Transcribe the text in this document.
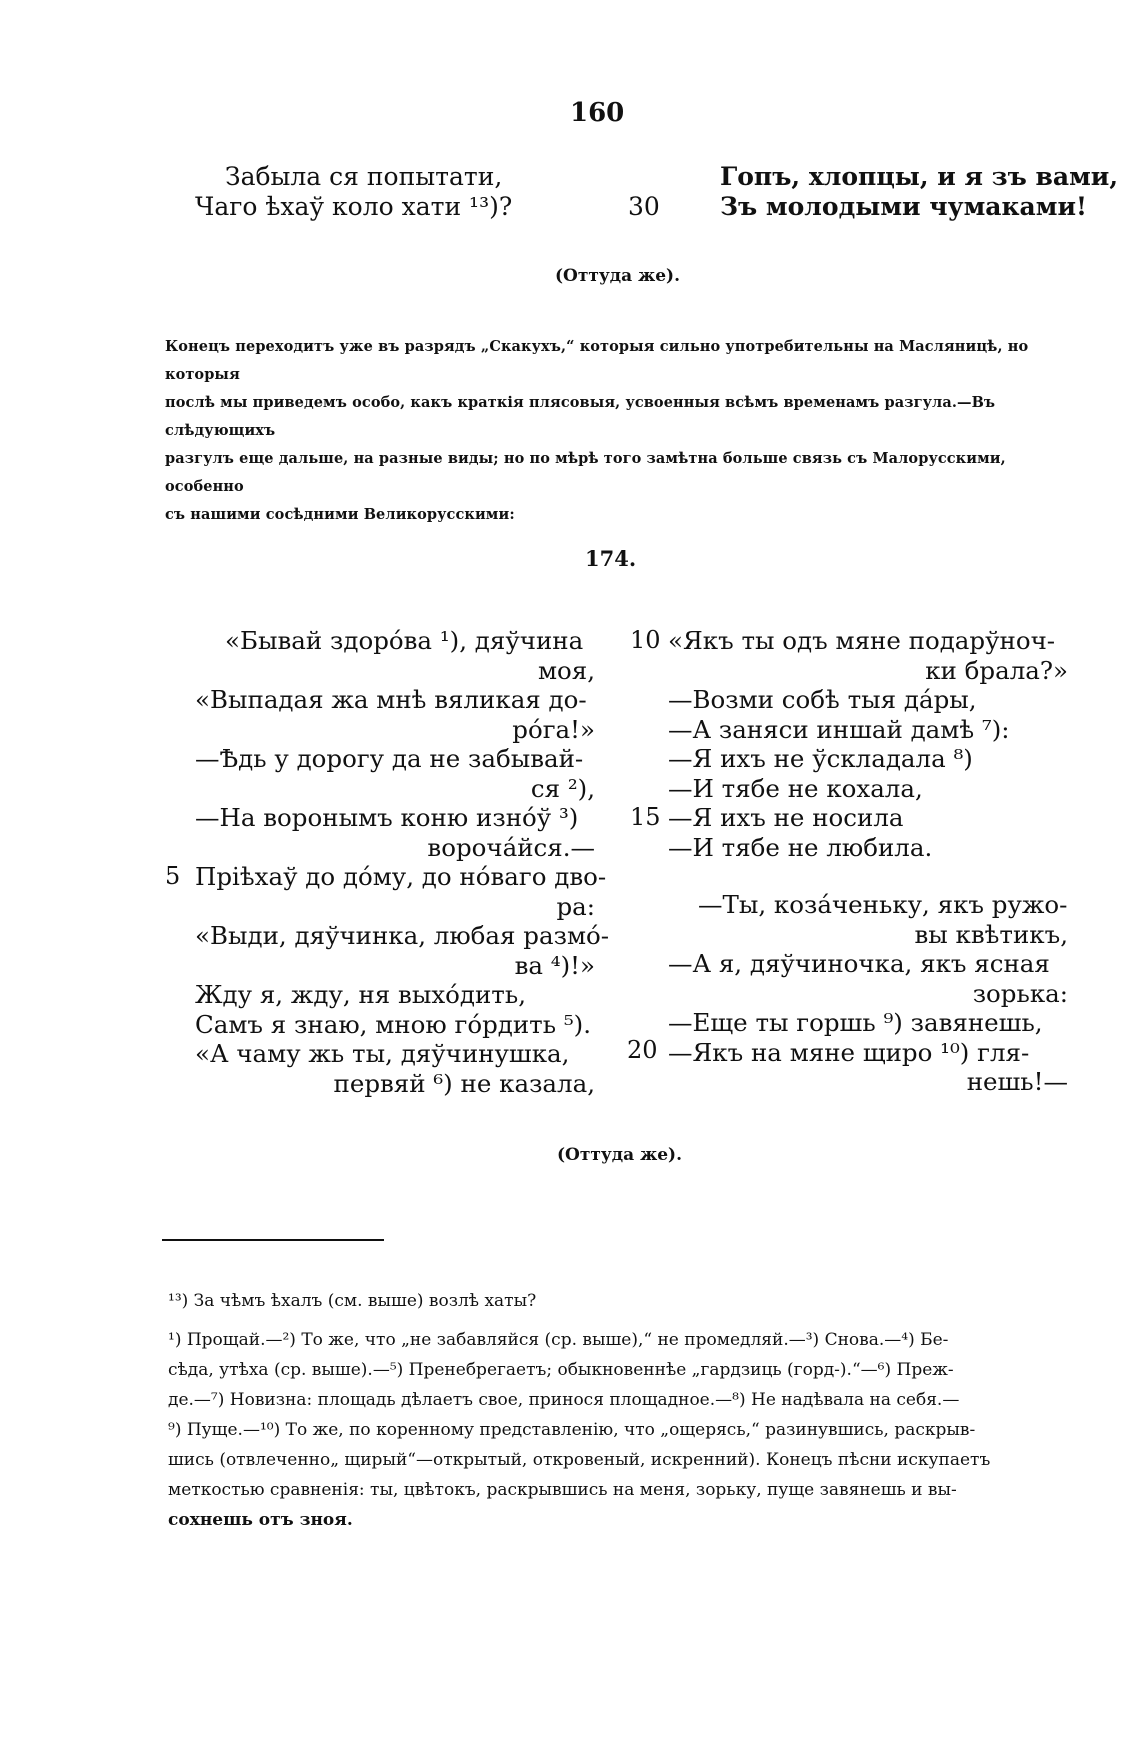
160
Забыла ся попытати,
Чаго ѣхаў коло хати ¹³)?	30
Гопъ, хлопцы, и я зъ вами,
Зъ молодыми чумаками!
(Оттуда же).
Конецъ переходитъ уже въ разрядъ „Скакухъ,“ которыя сильно употребительны на Масляницѣ, но которыя
послѣ мы приведемъ особо, какъ краткія плясовыя, усвоенныя всѣмъ временамъ разгула.—Въ слѣдующихъ
разгулъ еще дальше, на разные виды; но по мѣрѣ того замѣтна больше связь съ Малорусскими, особенно
съ нашими сосѣдними Великорусскими:
174.
«Бывай здорóва ¹), дяўчина
моя,
«Выпадая жа мнѣ вяликая до-
рóга!»
—Ѣдь у дорогу да не забывай-
ся ²),
—На воронымъ коню изнóў ³)
ворочáйся.—
Прiѣхаў до дóму, до нóваго дво-
ра:
«Выди, дяўчинка, любая размó-
ва ⁴)!»
Жду я, жду, ня выхóдить,
Самъ я знаю, мною гóрдить ⁵).
«А чаму жь ты, дяўчинушка,
первяй ⁶) не казала,
5
10
15
20
«Якъ ты одъ мяне подарўноч-
ки брала?»
—Возми собѣ тыя дáры,
—А заняси иншай дамѣ ⁷):
—Я ихъ не ўскладала ⁸)
—И тябе не кохала,
—Я ихъ не носила
—И тябе не любила.
—Ты, козáченьку, якъ ружо-
вы квѣтикъ,
—А я, дяўчиночка, якъ ясная
зорька:
—Еще ты горшь ⁹) завянешь,
—Якъ на мяне щиро ¹⁰) гля-
нешь!—
(Оттуда же).
¹³) За чѣмъ ѣхалъ (см. выше) возлѣ хаты?
¹) Прощай.—²) То же, что „не забавляйся (ср. выше),“ не промедляй.—³) Снова.—⁴) Бе-
сѣда, утѣха (ср. выше).—⁵) Пренебрегаетъ; обыкновеннѣе „гардзиць (горд-).“—⁶) Преж-
де.—⁷) Новизна: площадь дѣлаетъ свое, принося площадное.—⁸) Не надѣвала на себя.—
⁹) Пуще.—¹⁰) То же, по коренному представленiю, что „ощерясь,“ разинувшись, раскрыв-
шись (отвлеченно„ щирый“—открытый, откровеный, искренний). Конецъ пѣсни искупаетъ
меткостью сравненiя: ты, цвѣтокъ, раскрывшись на меня, зорьку, пуще завянешь и вы-
сохнешь отъ зноя.
